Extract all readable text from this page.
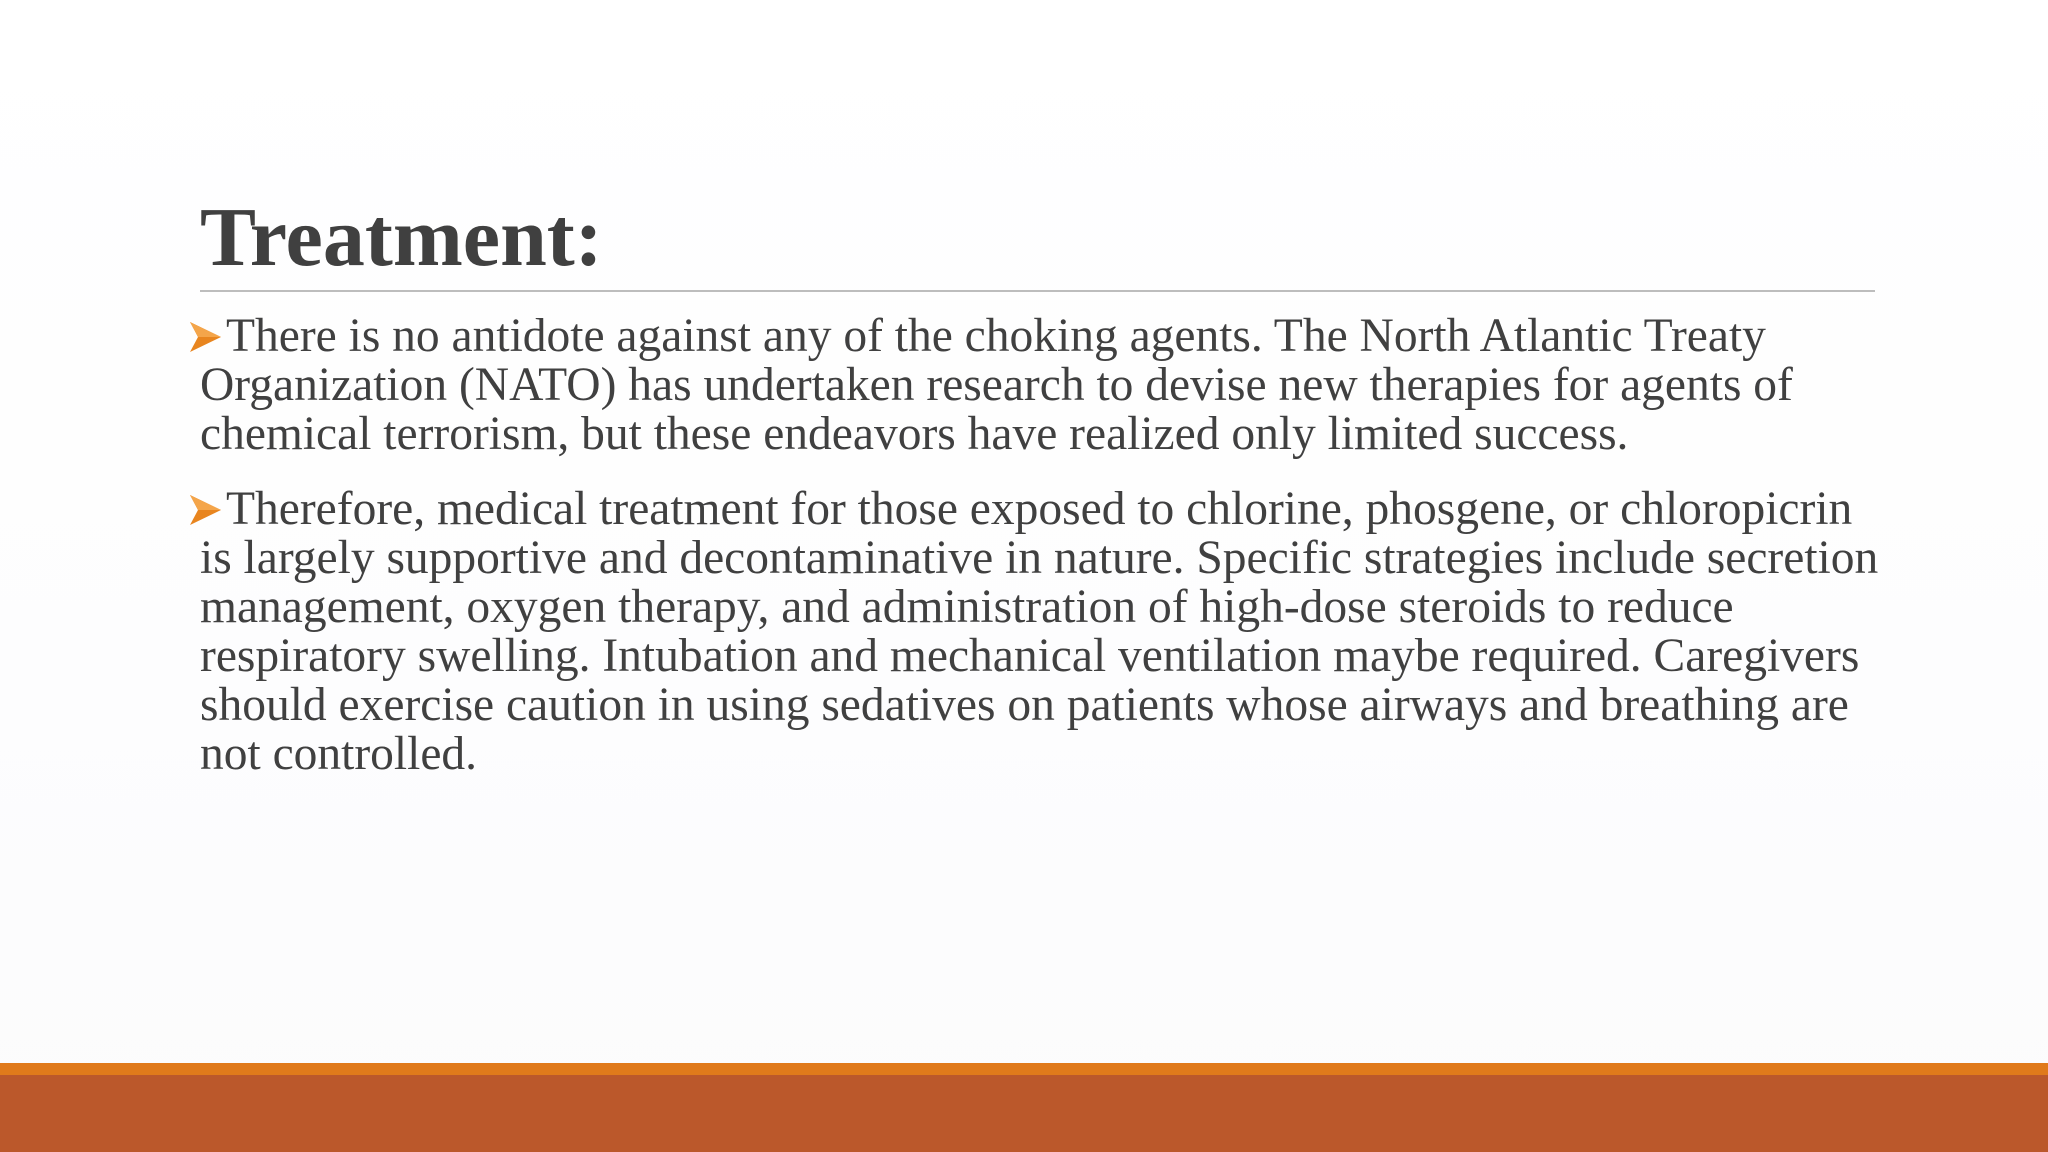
Treatment:

There is no antidote against any of the choking agents. The North Atlantic Treaty Organization (NATO) has undertaken research to devise new therapies for agents of chemical terrorism, but these endeavors have realized only limited success.

Therefore, medical treatment for those exposed to chlorine, phosgene, or chloropicrin is largely supportive and decontaminative in nature. Specific strategies include secretion management, oxygen therapy, and administration of high-dose steroids to reduce respiratory swelling. Intubation and mechanical ventilation maybe required. Caregivers should exercise caution in using sedatives on patients whose airways and breathing are not controlled.
